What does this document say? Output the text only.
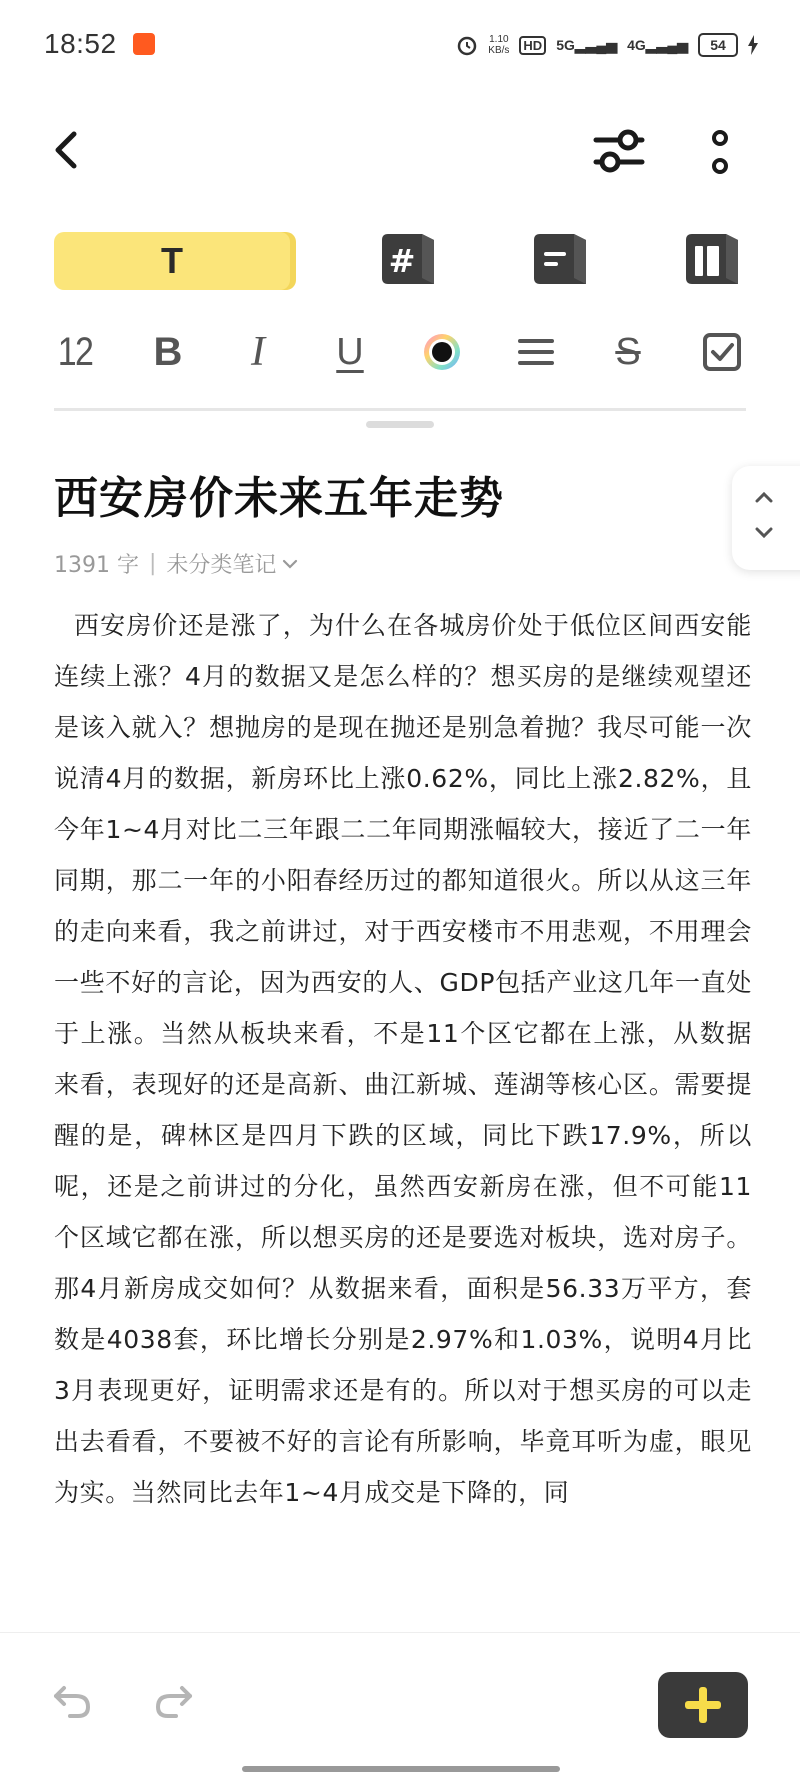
18:52	1.10
KB/s	HD 5G▂▃▄▅ 4G▂▃▄▅	54
T	#
12 B	I	U	S
西安房价未来五年走势
1391 字 | 未分类笔记
西安房价还是涨了，为什么在各城房价处于低位区间西安能连续上涨？4月的数据又是怎么样的？想买房的是继续观望还是该入就入？想抛房的是现在抛还是别急着抛？我尽可能一次说清4月的数据，新房环比上涨0.62%，同比上涨2.82%，且今年1~4月对比二三年跟二二年同期涨幅较大，接近了二一年同期，那二一年的小阳春经历过的都知道很火。所以从这三年的走向来看，我之前讲过，对于西安楼市不用悲观，不用理会一些不好的言论，因为西安的人、GDP包括产业这几年一直处于上涨。当然从板块来看，不是11个区它都在上涨，从数据来看，表现好的还是高新、曲江新城、莲湖等核心区。需要提醒的是，碑林区是四月下跌的区域，同比下跌17.9%，所以呢，还是之前讲过的分化，虽然西安新房在涨，但不可能11个区域它都在涨，所以想买房的还是要选对板块，选对房子。那4月新房成交如何？从数据来看，面积是56.33万平方，套数是4038套，环比增长分别是2.97%和1.03%，说明4月比3月表现更好，证明需求还是有的。所以对于想买房的可以走出去看看，不要被不好的言论有所影响，毕竟耳听为虚，眼见为实。当然同比去年1~4月成交是下降的，同
